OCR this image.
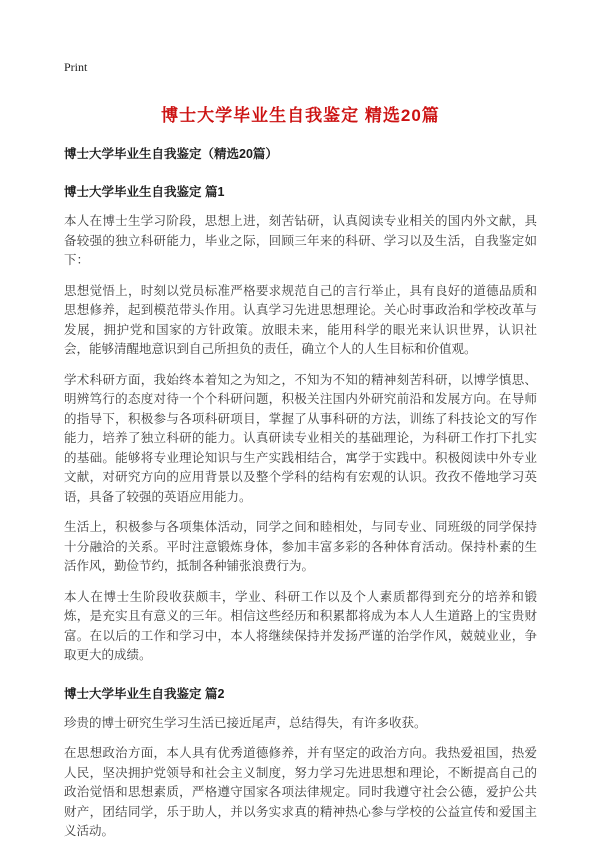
Print
博士大学毕业生自我鉴定 精选20篇

博士大学毕业生自我鉴定（精选20篇）

博士大学毕业生自我鉴定 篇1

本人在博士生学习阶段，思想上进，刻苦钻研，认真阅读专业相关的国内外文献，具备较强的独立科研能力，毕业之际，回顾三年来的科研、学习以及生活，自我鉴定如下：

思想觉悟上，时刻以党员标准严格要求规范自己的言行举止，具有良好的道德品质和思想修养，起到模范带头作用。认真学习先进思想理论。关心时事政治和学校改革与发展，拥护党和国家的方针政策。放眼未来，能用科学的眼光来认识世界，认识社会，能够清醒地意识到自己所担负的责任，确立个人的人生目标和价值观。

学术科研方面，我始终本着知之为知之，不知为不知的精神刻苦科研，以博学慎思、明辨笃行的态度对待一个个科研问题，积极关注国内外研究前沿和发展方向。在导师的指导下，积极参与各项科研项目，掌握了从事科研的方法，训练了科技论文的写作能力，培养了独立科研的能力。认真研读专业相关的基础理论，为科研工作打下扎实的基础。能够将专业理论知识与生产实践相结合，寓学于实践中。积极阅读中外专业文献，对研究方向的应用背景以及整个学科的结构有宏观的认识。孜孜不倦地学习英语，具备了较强的英语应用能力。

生活上，积极参与各项集体活动，同学之间和睦相处，与同专业、同班级的同学保持十分融洽的关系。平时注意锻炼身体，参加丰富多彩的各种体育活动。保持朴素的生活作风，勤俭节约，抵制各种铺张浪费行为。

本人在博士生阶段收获颇丰，学业、科研工作以及个人素质都得到充分的培养和锻炼，是充实且有意义的三年。相信这些经历和积累都将成为本人人生道路上的宝贵财富。在以后的工作和学习中，本人将继续保持并发扬严谨的治学作风，兢兢业业，争取更大的成绩。

博士大学毕业生自我鉴定 篇2

珍贵的博士研究生学习生活已接近尾声，总结得失，有许多收获。

在思想政治方面，本人具有优秀道德修养，并有坚定的政治方向。我热爱祖国，热爱人民，坚决拥护党领导和社会主义制度，努力学习先进思想和理论，不断提高自己的政治觉悟和思想素质，严格遵守国家各项法律规定。同时我遵守社会公德，爱护公共财产，团结同学，乐于助人，并以务实求真的精神热心参与学校的公益宣传和爱国主义活动。
